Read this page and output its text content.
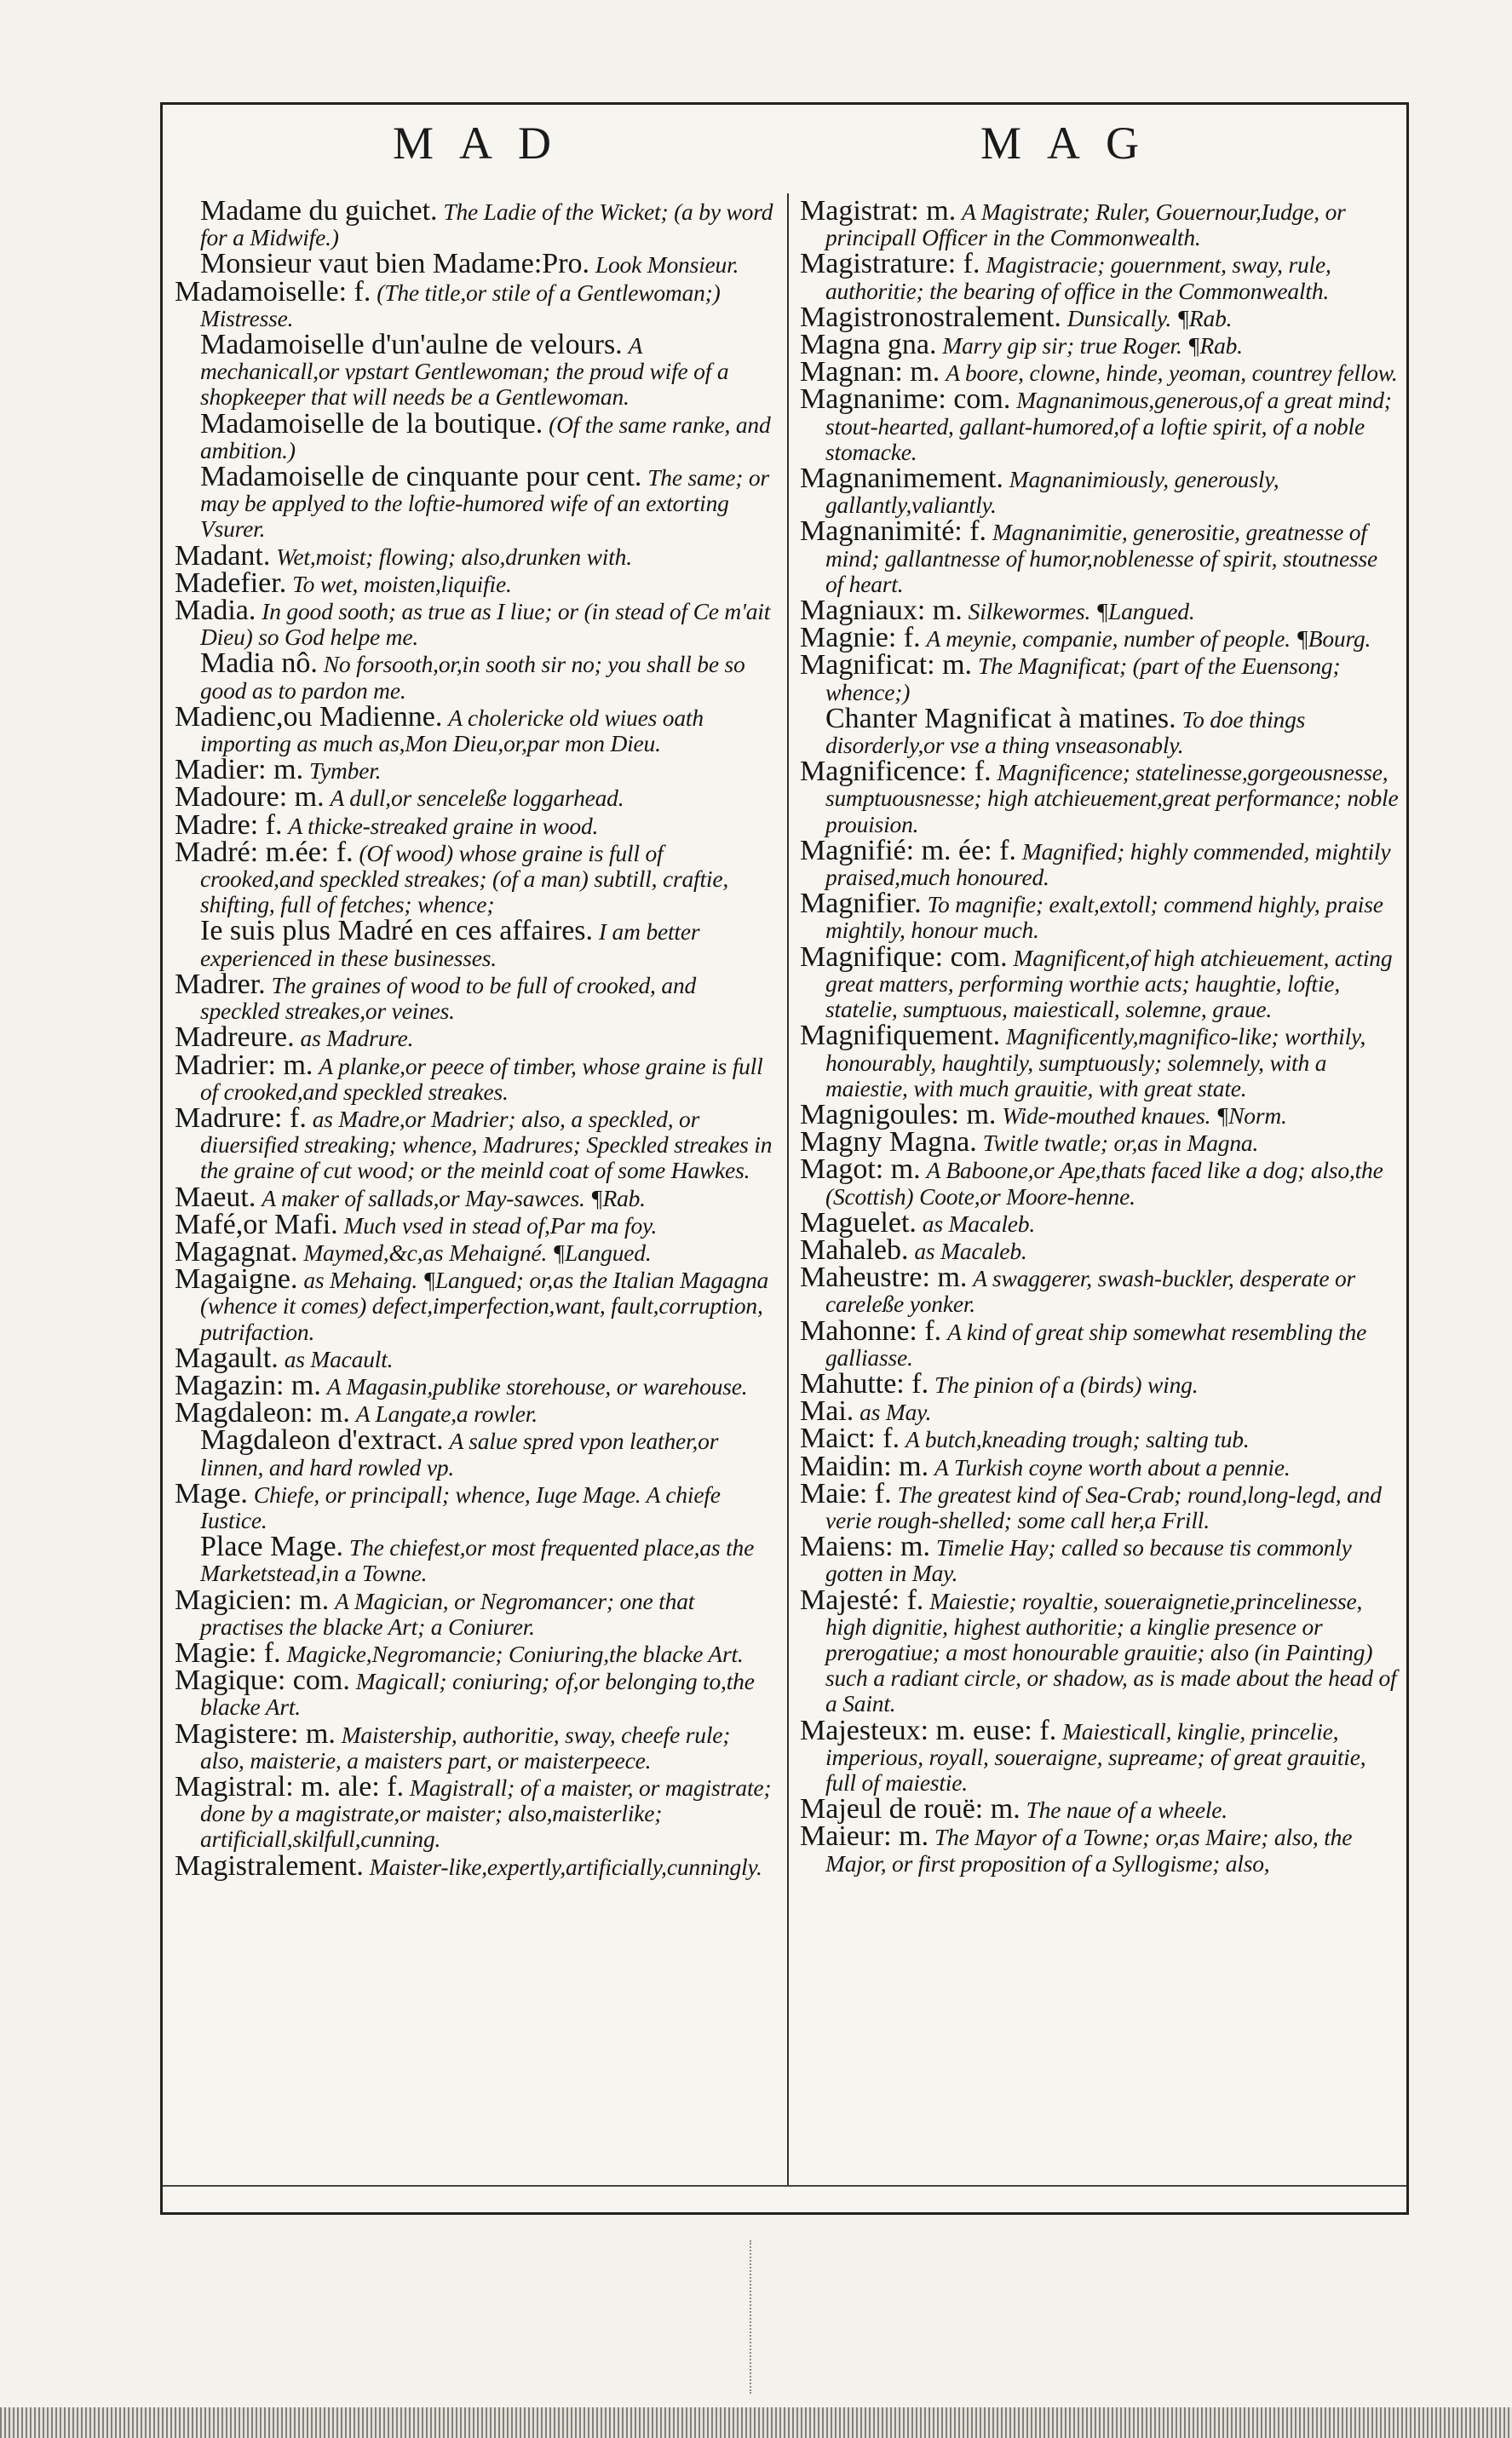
MAD	MAG
Madame du guichet. The Ladie of the Wicket; (a by word for a Midwife.)
Monsieur vaut bien Madame:Pro. Look Monsieur.
Madamoiselle: f. (The title,or stile of a Gentlewoman;) Mistresse.
Madamoiselle d'un'aulne de velours. A mechanicall,or vpstart Gentlewoman; the proud wife of a shopkeeper that will needs be a Gentlewoman.
Madamoiselle de la boutique. (Of the same ranke, and ambition.)
Madamoiselle de cinquante pour cent. The same; or may be applyed to the loftie-humored wife of an extorting Vsurer.
Madant. Wet,moist; flowing; also,drunken with.
Madefier. To wet, moisten,liquifie.
Madia. In good sooth; as true as I liue; or (in stead of Ce m'ait Dieu) so God helpe me.
Madia nô. No forsooth,or,in sooth sir no; you shall be so good as to pardon me.
Madienc,ou Madienne. A cholericke old wiues oath importing as much as,Mon Dieu,or,par mon Dieu.
Madier: m. Tymber.
Madoure: m. A dull,or senceleße loggarhead.
Madre: f. A thicke-streaked graine in wood.
Madré: m.ée: f. (Of wood) whose graine is full of crooked,and speckled streakes; (of a man) subtill, craftie, shifting, full of fetches; whence;
Ie suis plus Madré en ces affaires. I am better experienced in these businesses.
Madrer. The graines of wood to be full of crooked, and speckled streakes,or veines.
Madreure. as Madrure.
Madrier: m. A planke,or peece of timber, whose graine is full of crooked,and speckled streakes.
Madrure: f. as Madre,or Madrier; also, a speckled, or diuersified streaking; whence, Madrures; Speckled streakes in the graine of cut wood; or the meinld coat of some Hawkes.
Maeut. A maker of sallads,or May-sawces. ¶Rab.
Mafé,or Mafi. Much vsed in stead of,Par ma foy.
Magagnat. Maymed,&c,as Mehaigné. ¶Langued.
Magaigne. as Mehaing. ¶Langued; or,as the Italian Magagna (whence it comes) defect,imperfection,want, fault,corruption, putrifaction.
Magault. as Macault.
Magazin: m. A Magasin,publike storehouse, or warehouse.
Magdaleon: m. A Langate,a rowler.
Magdaleon d'extract. A salue spred vpon leather,or linnen, and hard rowled vp.
Mage. Chiefe, or principall; whence, Iuge Mage. A chiefe Iustice.
Place Mage. The chiefest,or most frequented place,as the Marketstead,in a Towne.
Magicien: m. A Magician, or Negromancer; one that practises the blacke Art; a Coniurer.
Magie: f. Magicke,Negromancie; Coniuring,the blacke Art.
Magique: com. Magicall; coniuring; of,or belonging to,the blacke Art.
Magistere: m. Maistership, authoritie, sway, cheefe rule; also, maisterie, a maisters part, or maisterpeece.
Magistral: m. ale: f. Magistrall; of a maister, or magistrate; done by a magistrate,or maister; also,maisterlike; artificiall,skilfull,cunning.
Magistralement. Maister-like,expertly,artificially,cunningly.
Magistrat: m. A Magistrate; Ruler, Gouernour,Iudge, or principall Officer in the Commonwealth.
Magistrature: f. Magistracie; gouernment, sway, rule, authoritie; the bearing of office in the Commonwealth.
Magistronostralement. Dunsically. ¶Rab.
Magna gna. Marry gip sir; true Roger. ¶Rab.
Magnan: m. A boore, clowne, hinde, yeoman, countrey fellow.
Magnanime: com. Magnanimous,generous,of a great mind; stout-hearted, gallant-humored,of a loftie spirit, of a noble stomacke.
Magnanimement. Magnanimiously, generously, gallantly,valiantly.
Magnanimité: f. Magnanimitie, generositie, greatnesse of mind; gallantnesse of humor,noblenesse of spirit, stoutnesse of heart.
Magniaux: m. Silkewormes. ¶Langued.
Magnie: f. A meynie, companie, number of people. ¶Bourg.
Magnificat: m. The Magnificat; (part of the Euensong; whence;)
Chanter Magnificat à matines. To doe things disorderly,or vse a thing vnseasonably.
Magnificence: f. Magnificence; statelinesse,gorgeousnesse, sumptuousnesse; high atchieuement,great performance; noble prouision.
Magnifié: m. ée: f. Magnified; highly commended, mightily praised,much honoured.
Magnifier. To magnifie; exalt,extoll; commend highly, praise mightily, honour much.
Magnifique: com. Magnificent,of high atchieuement, acting great matters, performing worthie acts; haughtie, loftie, statelie, sumptuous, maiesticall, solemne, graue.
Magnifiquement. Magnificently,magnifico-like; worthily, honourably, haughtily, sumptuously; solemnely, with a maiestie, with much grauitie, with great state.
Magnigoules: m. Wide-mouthed knaues. ¶Norm.
Magny Magna. Twitle twatle; or,as in Magna.
Magot: m. A Baboone,or Ape,thats faced like a dog; also,the (Scottish) Coote,or Moore-henne.
Maguelet. as Macaleb.
Mahaleb. as Macaleb.
Maheustre: m. A swaggerer, swash-buckler, desperate or careleße yonker.
Mahonne: f. A kind of great ship somewhat resembling the galliasse.
Mahutte: f. The pinion of a (birds) wing.
Mai. as May.
Maict: f. A butch,kneading trough; salting tub.
Maidin: m. A Turkish coyne worth about a pennie.
Maie: f. The greatest kind of Sea-Crab; round,long-legd, and verie rough-shelled; some call her,a Frill.
Maiens: m. Timelie Hay; called so because tis commonly gotten in May.
Majesté: f. Maiestie; royaltie, soueraignetie,princelinesse, high dignitie, highest authoritie; a kinglie presence or prerogatiue; a most honourable grauitie; also (in Painting) such a radiant circle, or shadow, as is made about the head of a Saint.
Majesteux: m. euse: f. Maiesticall, kinglie, princelie, imperious, royall, soueraigne, supreame; of great grauitie, full of maiestie.
Majeul de rouë: m. The naue of a wheele.
Maieur: m. The Mayor of a Towne; or,as Maire; also, the Major, or first proposition of a Syllogisme; also,
